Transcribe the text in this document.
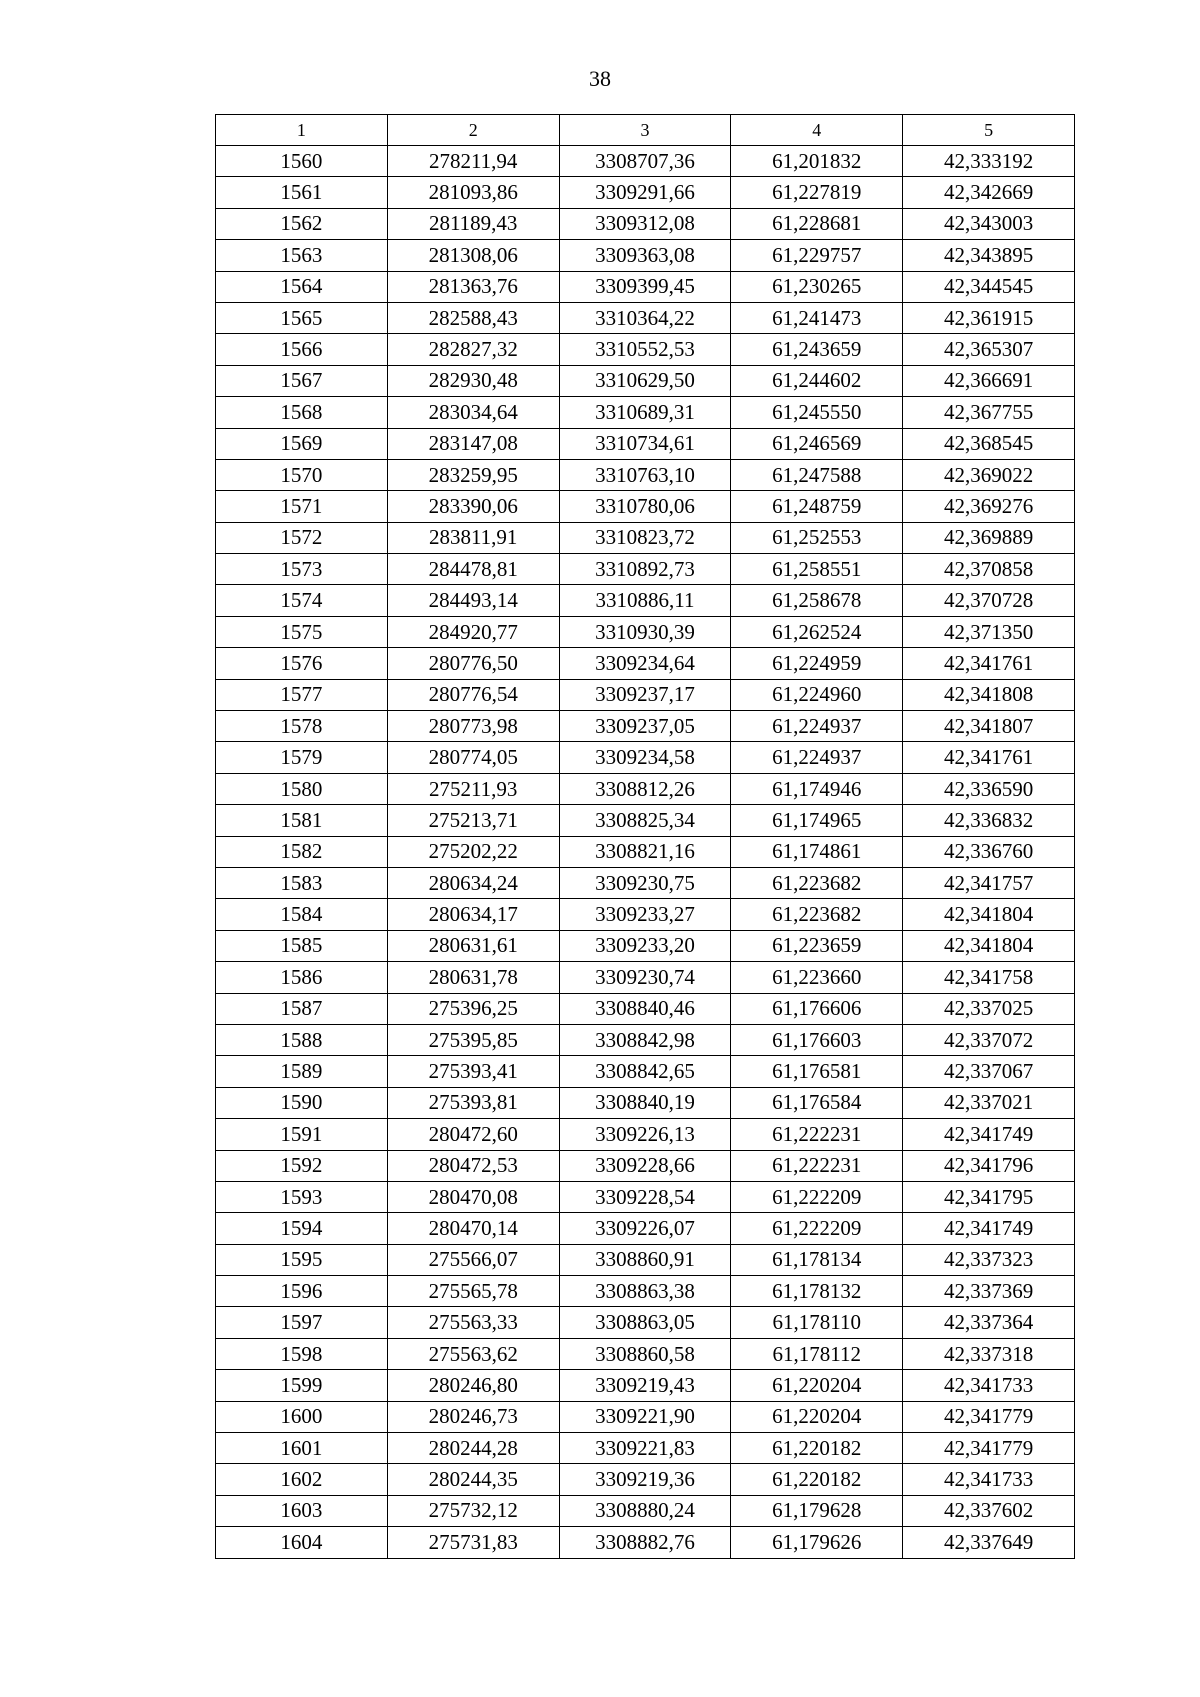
38
1	2	3	4	5
1560	278211,94	3308707,36	61,201832	42,333192
1561	281093,86	3309291,66	61,227819	42,342669
1562	281189,43	3309312,08	61,228681	42,343003
1563	281308,06	3309363,08	61,229757	42,343895
1564	281363,76	3309399,45	61,230265	42,344545
1565	282588,43	3310364,22	61,241473	42,361915
1566	282827,32	3310552,53	61,243659	42,365307
1567	282930,48	3310629,50	61,244602	42,366691
1568	283034,64	3310689,31	61,245550	42,367755
1569	283147,08	3310734,61	61,246569	42,368545
1570	283259,95	3310763,10	61,247588	42,369022
1571	283390,06	3310780,06	61,248759	42,369276
1572	283811,91	3310823,72	61,252553	42,369889
1573	284478,81	3310892,73	61,258551	42,370858
1574	284493,14	3310886,11	61,258678	42,370728
1575	284920,77	3310930,39	61,262524	42,371350
1576	280776,50	3309234,64	61,224959	42,341761
1577	280776,54	3309237,17	61,224960	42,341808
1578	280773,98	3309237,05	61,224937	42,341807
1579	280774,05	3309234,58	61,224937	42,341761
1580	275211,93	3308812,26	61,174946	42,336590
1581	275213,71	3308825,34	61,174965	42,336832
1582	275202,22	3308821,16	61,174861	42,336760
1583	280634,24	3309230,75	61,223682	42,341757
1584	280634,17	3309233,27	61,223682	42,341804
1585	280631,61	3309233,20	61,223659	42,341804
1586	280631,78	3309230,74	61,223660	42,341758
1587	275396,25	3308840,46	61,176606	42,337025
1588	275395,85	3308842,98	61,176603	42,337072
1589	275393,41	3308842,65	61,176581	42,337067
1590	275393,81	3308840,19	61,176584	42,337021
1591	280472,60	3309226,13	61,222231	42,341749
1592	280472,53	3309228,66	61,222231	42,341796
1593	280470,08	3309228,54	61,222209	42,341795
1594	280470,14	3309226,07	61,222209	42,341749
1595	275566,07	3308860,91	61,178134	42,337323
1596	275565,78	3308863,38	61,178132	42,337369
1597	275563,33	3308863,05	61,178110	42,337364
1598	275563,62	3308860,58	61,178112	42,337318
1599	280246,80	3309219,43	61,220204	42,341733
1600	280246,73	3309221,90	61,220204	42,341779
1601	280244,28	3309221,83	61,220182	42,341779
1602	280244,35	3309219,36	61,220182	42,341733
1603	275732,12	3308880,24	61,179628	42,337602
1604	275731,83	3308882,76	61,179626	42,337649
